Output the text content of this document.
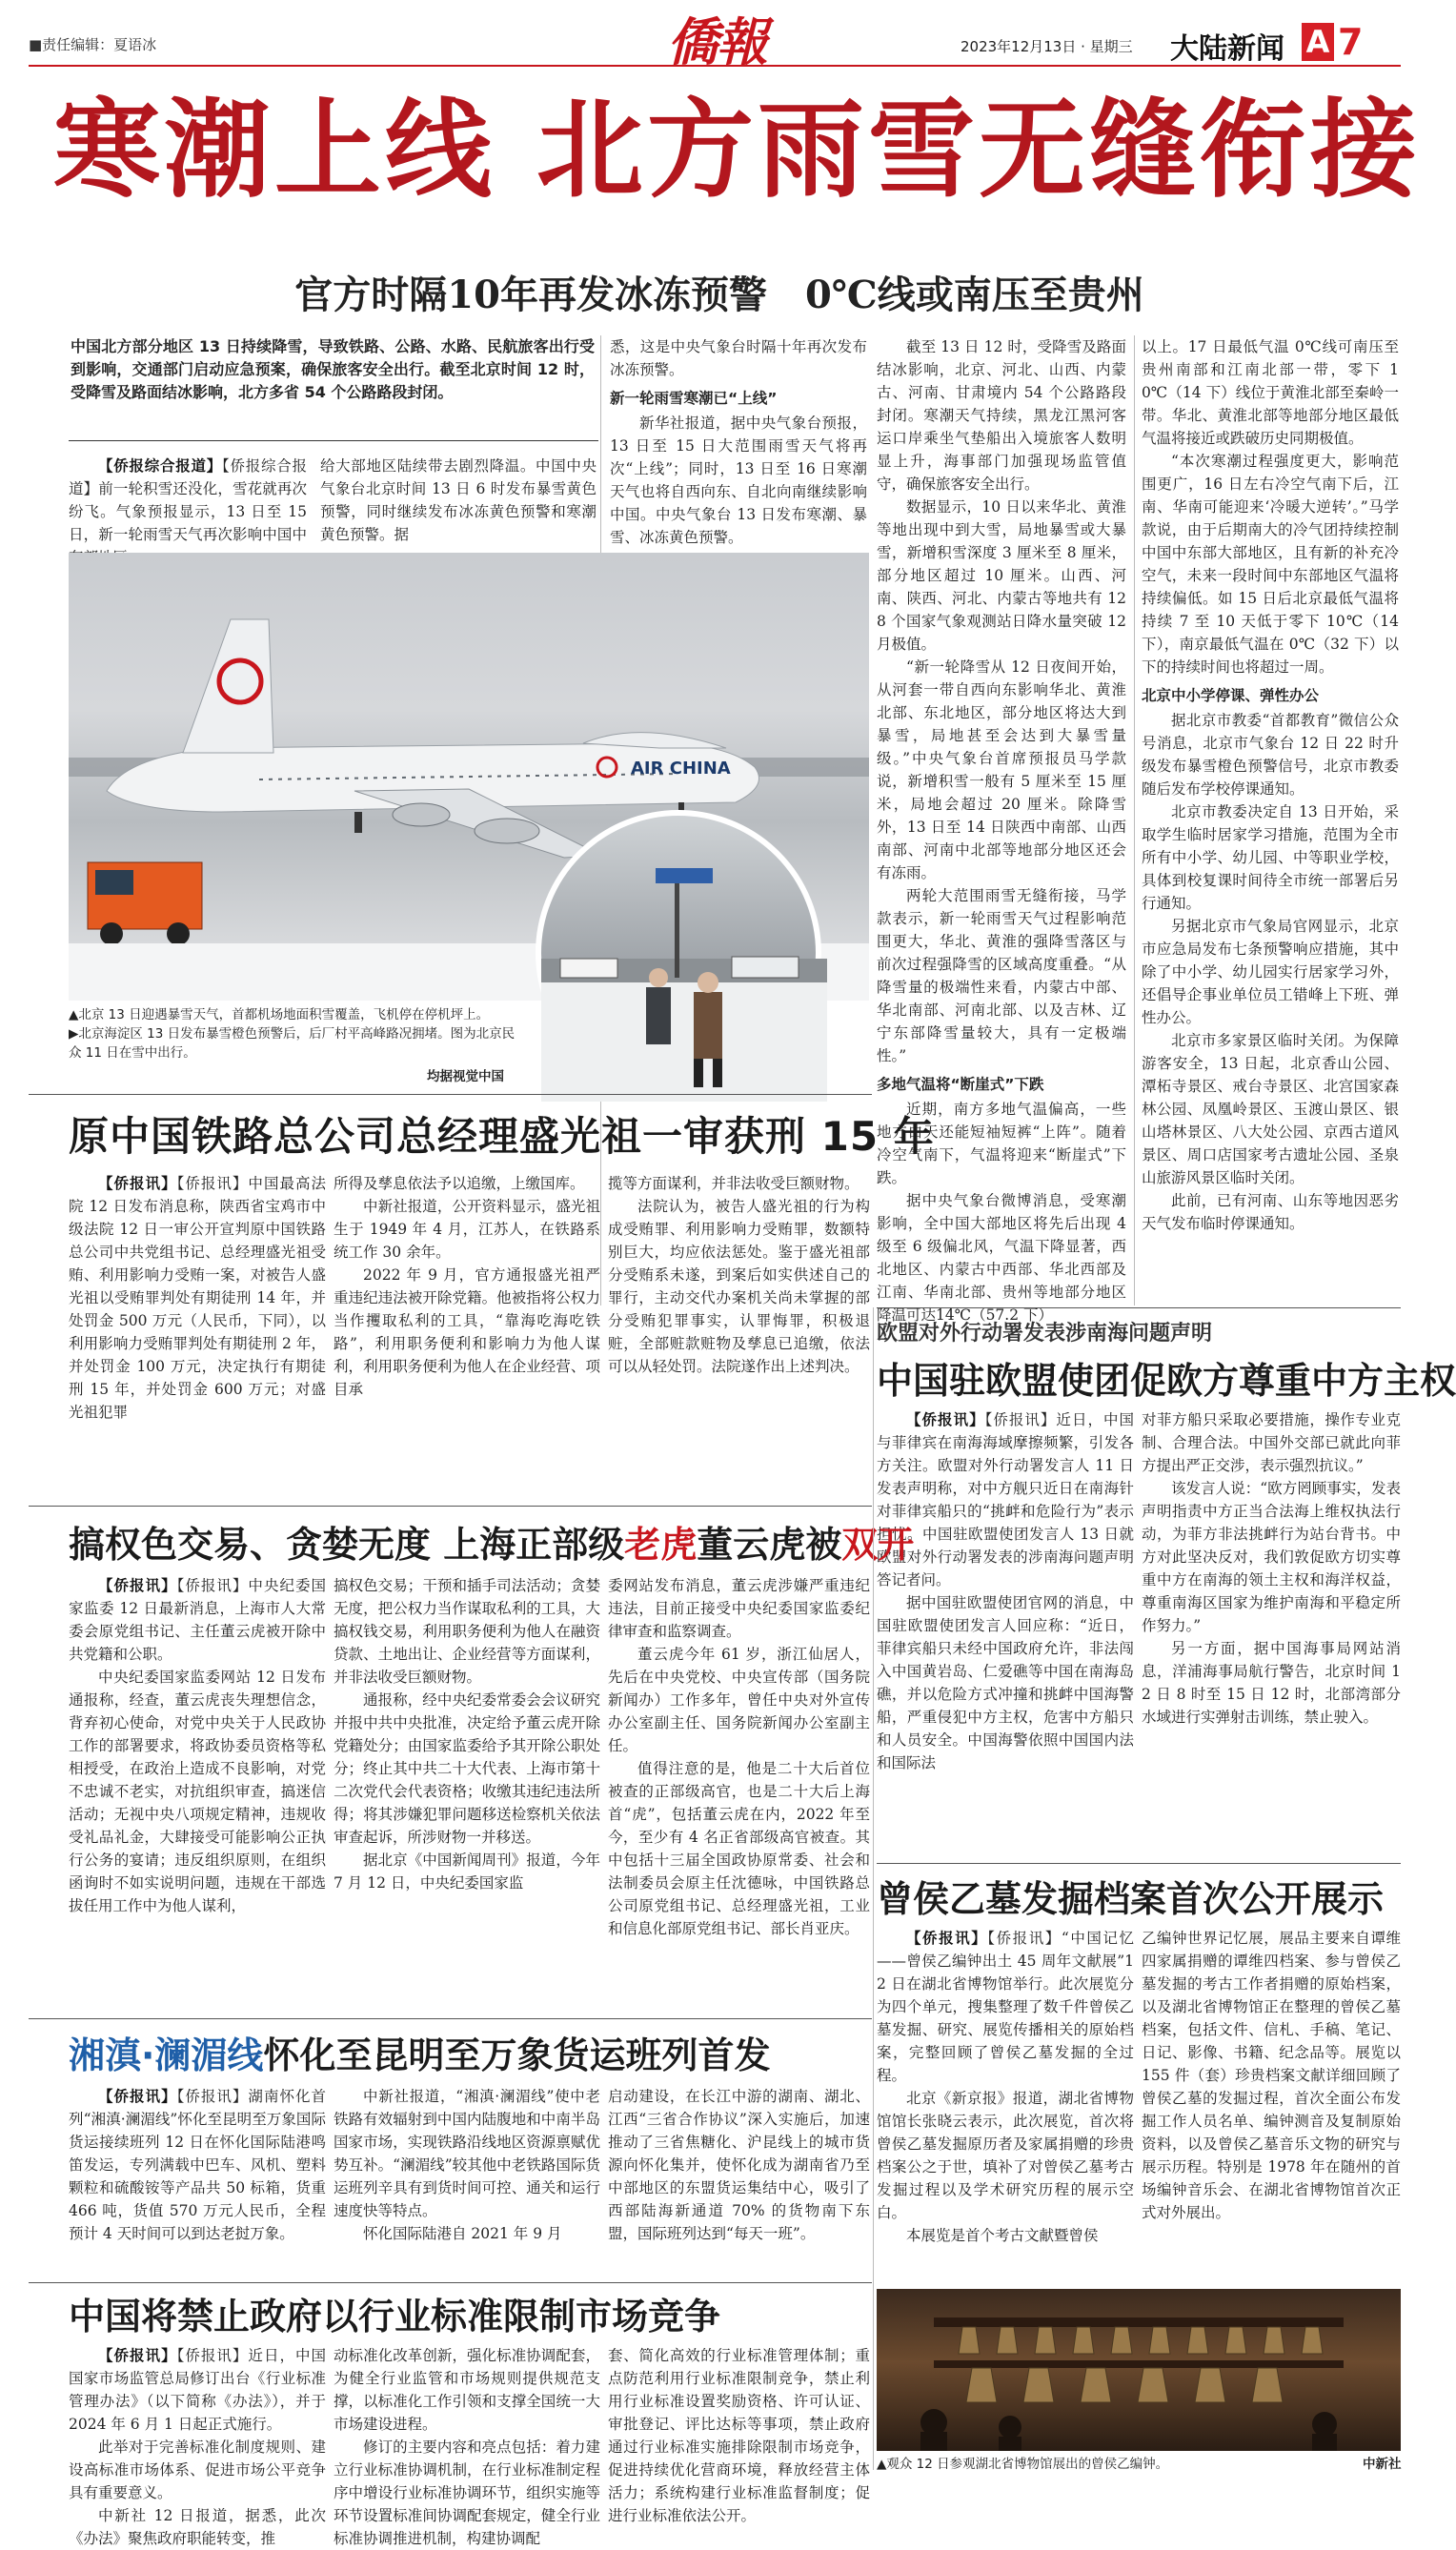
■责任编辑：夏语冰	僑報	2023年12月13日 · 星期三 大陆新闻 A 7
寒潮上线 北方雨雪无缝衔接
官方时隔10年再发冰冻预警　0℃线或南压至贵州
中国北方部分地区 13 日持续降雪，导致铁路、公路、水路、民航旅客出行受到影响，交通部门启动应急预案，确保旅客安全出行。截至北京时间 12 时，受降雪及路面结冰影响，北方多省 54 个公路路段封闭。
【侨报综合报道】【侨报综合报道】前一轮积雪还没化，雪花就再次纷飞。气象预报显示，13 日至 15 日，新一轮雨雪天气再次影响中国中
给大部地区陆续带去剧烈降温。中国中央气象台北京时间 13 日 6 时发布暴雪黄色预警，同时继续发布冰冻黄色预警和寒潮黄色预警。据
悉，这是中央气象台时隔十年再次发布冰冻预警。
新一轮雨雪寒潮已“上线”
新华社报道，据中央气象台预报，13 日至 15 日大范围雨雪天气将再次“上线”；同时，13 日至 16 日寒潮天气也将自西向东、自北向南继续影响中国。中央气象台 13 日发布寒潮、暴雪、冰冻黄色预警。
截至 13 日 12 时，受降雪及路面结冰影响，北京、河北、山西、内蒙古、河南、甘肃境内 54 个公路路段封闭。寒潮天气持续，黑龙江黑河客运口岸乘坐气垫船出入境旅客人数明显上升，海事部门加强现场监管值守，确保旅客安全出行。
数据显示，10 日以来华北、黄淮等地出现中到大雪，局地暴雪或大暴雪，新增积雪深度 3 厘米至 8 厘米，部分地区超过 10 厘米。山西、河南、陕西、河北、内蒙古等地共有 128 个国家气象观测站日降水量突破 12 月极值。
“新一轮降雪从 12 日夜间开始，从河套一带自西向东影响华北、黄淮北部、东北地区，部分地区将达大到暴雪，局地甚至会达到大暴雪量级。”中央气象台首席预报员马学款说，新增积雪一般有 5 厘米至 15 厘米，局地会超过 20 厘米。除降雪外，13 日至 14 日陕西中南部、山西南部、河南中北部等地部分地区还会有冻雨。
两轮大范围雨雪无缝衔接，马学款表示，新一轮雨雪天气过程影响范围更大，华北、黄淮的强降雪落区与前次过程强降雪的区域高度重叠。“从降雪量的极端性来看，内蒙古中部、华北南部、河南北部、以及吉林、辽宁东部降雪量较大，具有一定极端性。”
多地气温将“断崖式”下跌
近期，南方多地气温偏高，一些地方白天还能短袖短裤“上阵”。随着冷空气南下，气温将迎来“断崖式”下跌。
据中央气象台微博消息，受寒潮影响，全中国大部地区将先后出现 4 级至 6 级偏北风，气温下降显著，西北地区、内蒙古中西部、华北西部及江南、华南北部、贵州等地部分地区降温可达14℃（57.2 下）
以上。17 日最低气温 0℃线可南压至贵州南部和江南北部一带，零下 10℃（14 下）线位于黄淮北部至秦岭一带。华北、黄淮北部等地部分地区最低气温将接近或跌破历史同期极值。
“本次寒潮过程强度更大，影响范围更广，16 日左右冷空气南下后，江南、华南可能迎来‘冷暖大逆转’。”马学款说，由于后期南大的冷气团持续控制中国中东部大部地区，且有新的补充冷空气，未来一段时间中东部地区气温将持续偏低。如 15 日后北京最低气温将持续 7 至 10 天低于零下 10℃（14 下），南京最低气温在 0℃（32 下）以下的持续时间也将超过一周。
北京中小学停课、弹性办公
据北京市教委“首都教育”微信公众号消息，北京市气象台 12 日 22 时升级发布暴雪橙色预警信号，北京市教委随后发布学校停课通知。
北京市教委决定自 13 日开始，采取学生临时居家学习措施，范围为全市所有中小学、幼儿园、中等职业学校，具体到校复课时间待全市统一部署后另行通知。
另据北京市气象局官网显示，北京市应急局发布七条预警响应措施，其中除了中小学、幼儿园实行居家学习外，还倡导企事业单位员工错峰上下班、弹性办公。
北京市多家景区临时关闭。为保障游客安全，13 日起，北京香山公园、潭柘寺景区、戒台寺景区、北宫国家森林公园、凤凰岭景区、玉渡山景区、银山塔林景区、八大处公园、京西古道风景区、周口店国家考古遗址公园、圣泉山旅游风景区临时关闭。
此前，已有河南、山东等地因恶劣天气发布临时停课通知。
AIR CHINA
▲北京 13 日迎遇暴雪天气，首都机场地面积雪覆盖，飞机停在停机坪上。
▶北京海淀区 13 日发布暴雪橙色预警后，后厂村平高峰路况拥堵。图为北京民众 11 日在雪中出行。
均据视觉中国
原中国铁路总公司总经理盛光祖一审获刑 15 年
【侨报讯】【侨报讯】中国最高法院 12 日发布消息称，陕西省宝鸡市中级法院 12 日一审公开宣判原中国铁路总公司中共党组书记、总经理盛光祖受贿、利用影响力受贿一案，对被告人盛光祖以受贿罪判处有期徒刑 14 年，并处罚金 500 万元（人民币，下同），以利用影响力受贿罪判处有期徒刑 2 年，并处罚金 100 万元，决定执行有期徒刑 15 年，并处罚金 600 万元；对盛光祖犯罪
所得及孳息依法予以追缴，上缴国库。
中新社报道，公开资料显示，盛光祖生于 1949 年 4 月，江苏人，在铁路系统工作 30 余年。
2022 年 9 月，官方通报盛光祖严重违纪违法被开除党籍。他被指将公权力当作攫取私利的工具，“靠海吃海吃铁路”，利用职务便利和影响力为他人谋利，利用职务便利为他人在企业经营、项目承
揽等方面谋利，并非法收受巨额财物。
法院认为，被告人盛光祖的行为构成受贿罪、利用影响力受贿罪，数额特别巨大，均应依法惩处。鉴于盛光祖部分受贿系未遂，到案后如实供述自己的罪行，主动交代办案机关尚未掌握的部分受贿犯罪事实，认罪悔罪，积极退赃，全部赃款赃物及孳息已追缴，依法可以从轻处罚。法院遂作出上述判决。
欧盟对外行动署发表涉南海问题声明
中国驻欧盟使团促欧方尊重中方主权
【侨报讯】【侨报讯】近日，中国与菲律宾在南海海域摩擦频繁，引发各方关注。欧盟对外行动署发言人 11 日发表声明称，对中方舰只近日在南海针对菲律宾船只的“挑衅和危险行为”表示担忧。中国驻欧盟使团发言人 13 日就欧盟对外行动署发表的涉南海问题声明答记者问。
据中国驻欧盟使团官网的消息，中国驻欧盟使团发言人回应称：“近日，菲律宾船只未经中国政府允许，非法闯入中国黄岩岛、仁爱礁等中国在南海岛礁，并以危险方式冲撞和挑衅中国海警船，严重侵犯中方主权，危害中方船只和人员安全。中国海警依照中国国内法和国际法
对菲方船只采取必要措施，操作专业克制、合理合法。中国外交部已就此向菲方提出严正交涉，表示强烈抗议。”
该发言人说：“欧方罔顾事实，发表声明指责中方正当合法海上维权执法行动，为菲方非法挑衅行为站台背书。中方对此坚决反对，我们敦促欧方切实尊重中方在南海的领土主权和海洋权益，尊重南海区国家为维护南海和平稳定所作努力。”
另一方面，据中国海事局网站消息，洋浦海事局航行警告，北京时间 12 日 8 时至 15 日 12 时，北部湾部分水域进行实弹射击训练，禁止驶入。
搞权色交易、贪婪无度 上海正部级老虎董云虎被双开
【侨报讯】【侨报讯】中央纪委国家监委 12 日最新消息，上海市人大常委会原党组书记、主任董云虎被开除中共党籍和公职。
中央纪委国家监委网站 12 日发布通报称，经查，董云虎丧失理想信念，背弃初心使命，对党中央关于人民政协工作的部署要求，将政协委员资格等私相授受，在政治上造成不良影响，对党不忠诚不老实，对抗组织审查，搞迷信活动；无视中央八项规定精神，违规收受礼品礼金，大肆接受可能影响公正执行公务的宴请；违反组织原则，在组织函询时不如实说明问题，违规在干部选拔任用工作中为他人谋利，
搞权色交易；干预和插手司法活动；贪婪无度，把公权力当作谋取私利的工具，大搞权钱交易，利用职务便利为他人在融资贷款、土地出让、企业经营等方面谋利，并非法收受巨额财物。
通报称，经中央纪委常委会会议研究并报中共中央批准，决定给予董云虎开除党籍处分；由国家监委给予其开除公职处分；终止其中共二十大代表、上海市第十二次党代会代表资格；收缴其违纪违法所得；将其涉嫌犯罪问题移送检察机关依法审查起诉，所涉财物一并移送。
据北京《中国新闻周刊》报道，今年 7 月 12 日，中央纪委国家监
委网站发布消息，董云虎涉嫌严重违纪违法，目前正接受中央纪委国家监委纪律审查和监察调查。
董云虎今年 61 岁，浙江仙居人，先后在中央党校、中央宣传部（国务院新闻办）工作多年，曾任中央对外宣传办公室副主任、国务院新闻办公室副主任。
值得注意的是，他是二十大后首位被查的正部级高官，也是二十大后上海首“虎”，包括董云虎在内，2022 年至今，至少有 4 名正省部级高官被查。其中包括十三届全国政协原常委、社会和法制委员会原主任沈德咏，中国铁路总公司原党组书记、总经理盛光祖，工业和信息化部原党组书记、部长肖亚庆。
曾侯乙墓发掘档案首次公开展示
【侨报讯】【侨报讯】“中国记忆——曾侯乙编钟出土 45 周年文献展”12 日在湖北省博物馆举行。此次展览分为四个单元，搜集整理了数千件曾侯乙墓发掘、研究、展览传播相关的原始档案，完整回顾了曾侯乙墓发掘的全过程。
北京《新京报》报道，湖北省博物馆馆长张晓云表示，此次展览，首次将曾侯乙墓发掘原历者及家属捐赠的珍贵档案公之于世，填补了对曾侯乙墓考古发掘过程以及学术研究历程的展示空白。
本展览是首个考古文献暨曾侯
乙编钟世界记忆展，展品主要来自谭维四家属捐赠的谭维四档案、参与曾侯乙墓发掘的考古工作者捐赠的原始档案，以及湖北省博物馆正在整理的曾侯乙墓档案，包括文件、信札、手稿、笔记、日记、影像、书籍、纪念品等。展览以 155 件（套）珍贵档案文献详细回顾了曾侯乙墓的发掘过程，首次全面公布发掘工作人员名单、编钟测音及复制原始资料，以及曾侯乙墓音乐文物的研究与展示历程。特别是 1978 年在随州的首场编钟音乐会、在湖北省博物馆首次正式对外展出。
▲观众 12 日参观湖北省博物馆展出的曾侯乙编钟。	中新社
湘滇·澜湄线怀化至昆明至万象货运班列首发
【侨报讯】【侨报讯】湖南怀化首列“湘滇·澜湄线”怀化至昆明至万象国际货运接续班列 12 日在怀化国际陆港鸣笛发运，专列满载中巴车、风机、塑料颗粒和硫酸铵等产品共 50 标箱，货重 466 吨，货值 570 万元人民币，全程预计 4 天时间可以到达老挝万象。
中新社报道，“湘滇·澜湄线”使中老铁路有效辐射到中国内陆腹地和中南半岛国家市场，实现铁路沿线地区资源禀赋优势互补。“澜湄线”较其他中老铁路国际货运班列辛具有到货时间可控、通关和运行速度快等特点。
怀化国际陆港自 2021 年 9 月
启动建设，在长江中游的湖南、湖北、江西“三省合作协议”深入实施后，加速推动了三省焦糖化、沪昆线上的城市货源向怀化集并，使怀化成为湖南省乃至中部地区的东盟货运集结中心，吸引了西部陆海新通道 70% 的货物南下东盟，国际班列达到“每天一班”。
中国将禁止政府以行业标准限制市场竞争
【侨报讯】【侨报讯】近日，中国国家市场监管总局修订出台《行业标准管理办法》（以下简称《办法》），并于 2024 年 6 月 1 日起正式施行。
此举对于完善标准化制度规则、建设高标准市场体系、促进市场公平竞争具有重要意义。
中新社 12 日报道，据悉，此次《办法》聚焦政府职能转变，推
动标准化改革创新，强化标准协调配套，为健全行业监管和市场规则提供规范支撑，以标准化工作引领和支撑全国统一大市场建设进程。
修订的主要内容和亮点包括：着力建立行业标准协调机制，在行业标准制定程序中增设行业标准协调环节，组织实施等环节设置标准间协调配套规定，健全行业标准协调推进机制，构建协调配
套、简化高效的行业标准管理体制；重点防范利用行业标准限制竞争，禁止利用行业标准设置奖励资格、许可认证、审批登记、评比达标等事项，禁止政府通过行业标准实施排除限制市场竞争，促进持续优化营商环境，释放经营主体活力；系统构建行业标准监督制度；促进行业标准依法公开。
